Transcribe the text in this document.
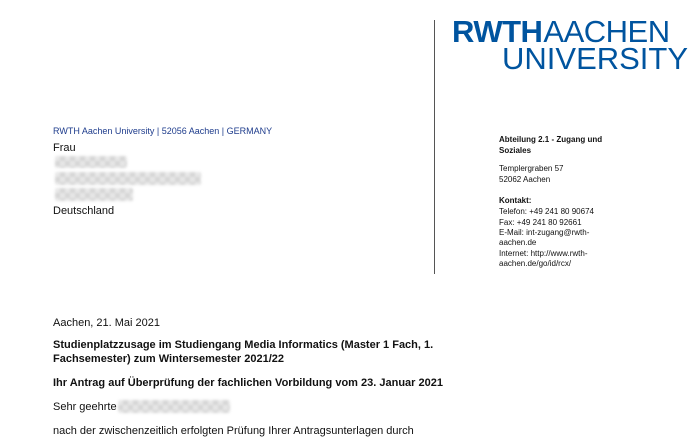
RWTH AACHEN
UNIVERSITY
RWTH Aachen University | 52056 Aachen | GERMANY
Frau
Deutschland
Abteilung 2.1 - Zugang und Soziales
Templergraben 57
52062 Aachen
Kontakt:
Telefon: +49 241 80 90674
Fax: +49 241 80 92661
E-Mail: int-zugang@rwth-
aachen.de
Internet: http://www.rwth-
aachen.de/go/id/rcx/
Aachen, 21. Mai 2021
Studienplatzzusage im Studiengang Media Informatics (Master 1 Fach, 1.
Fachsemester) zum Wintersemester 2021/22
Ihr Antrag auf Überprüfung der fachlichen Vorbildung vom 23. Januar 2021
Sehr geehrte
nach der zwischenzeitlich erfolgten Prüfung Ihrer Antragsunterlagen durch
